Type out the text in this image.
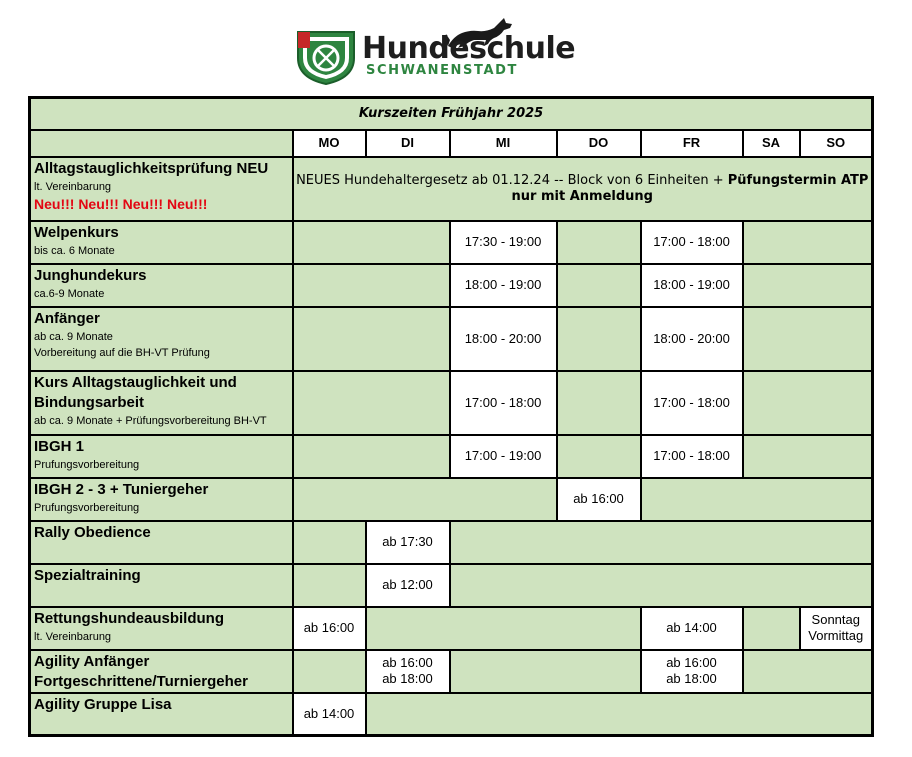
Hundeschule
SCHWANENSTADT
Kurszeiten Frühjahr 2025							
	MO	DI	MI	DO	FR	SA	SO

Alltagstauglichkeitsprüfung NEU
lt. Vereinbarung
Neu!!! Neu!!! Neu!!! Neu!!!	NEUES Hundehaltergesetz ab 01.12.24 -- Block von 6 Einheiten + Püfungstermin ATP nur mit Anmeldung						

Welpenkurs
bis ca. 6 Monate			17:30 - 19:00		17:00 - 18:00		

Junghundekurs
ca.6-9 Monate			18:00 - 19:00		18:00 - 19:00		

Anfänger
ab ca. 9 Monate
Vorbereitung auf die BH-VT Prüfung			18:00 - 20:00		18:00 - 20:00		

Kurs Alltagstauglichkeit und
Bindungsarbeit
ab ca. 9 Monate + Prüfungsvorbereitung BH-VT			17:00 - 18:00		17:00 - 18:00		

IBGH 1
Prufungsvorbereitung			17:00 - 19:00		17:00 - 18:00		

IBGH 2 - 3 + Tuniergeher
Prufungsvorbereitung				ab 16:00			

Rally Obedience		ab 17:30					

Spezialtraining		ab 12:00					

Rettungshundeausbildung
lt. Vereinbarung	ab 16:00				ab 14:00		Sonntag
Vormittag

Agility Anfänger
Fortgeschrittene/Turniergeher		ab 16:00
ab 18:00			ab 16:00
ab 18:00		

Agility Gruppe Lisa	ab 14:00						
